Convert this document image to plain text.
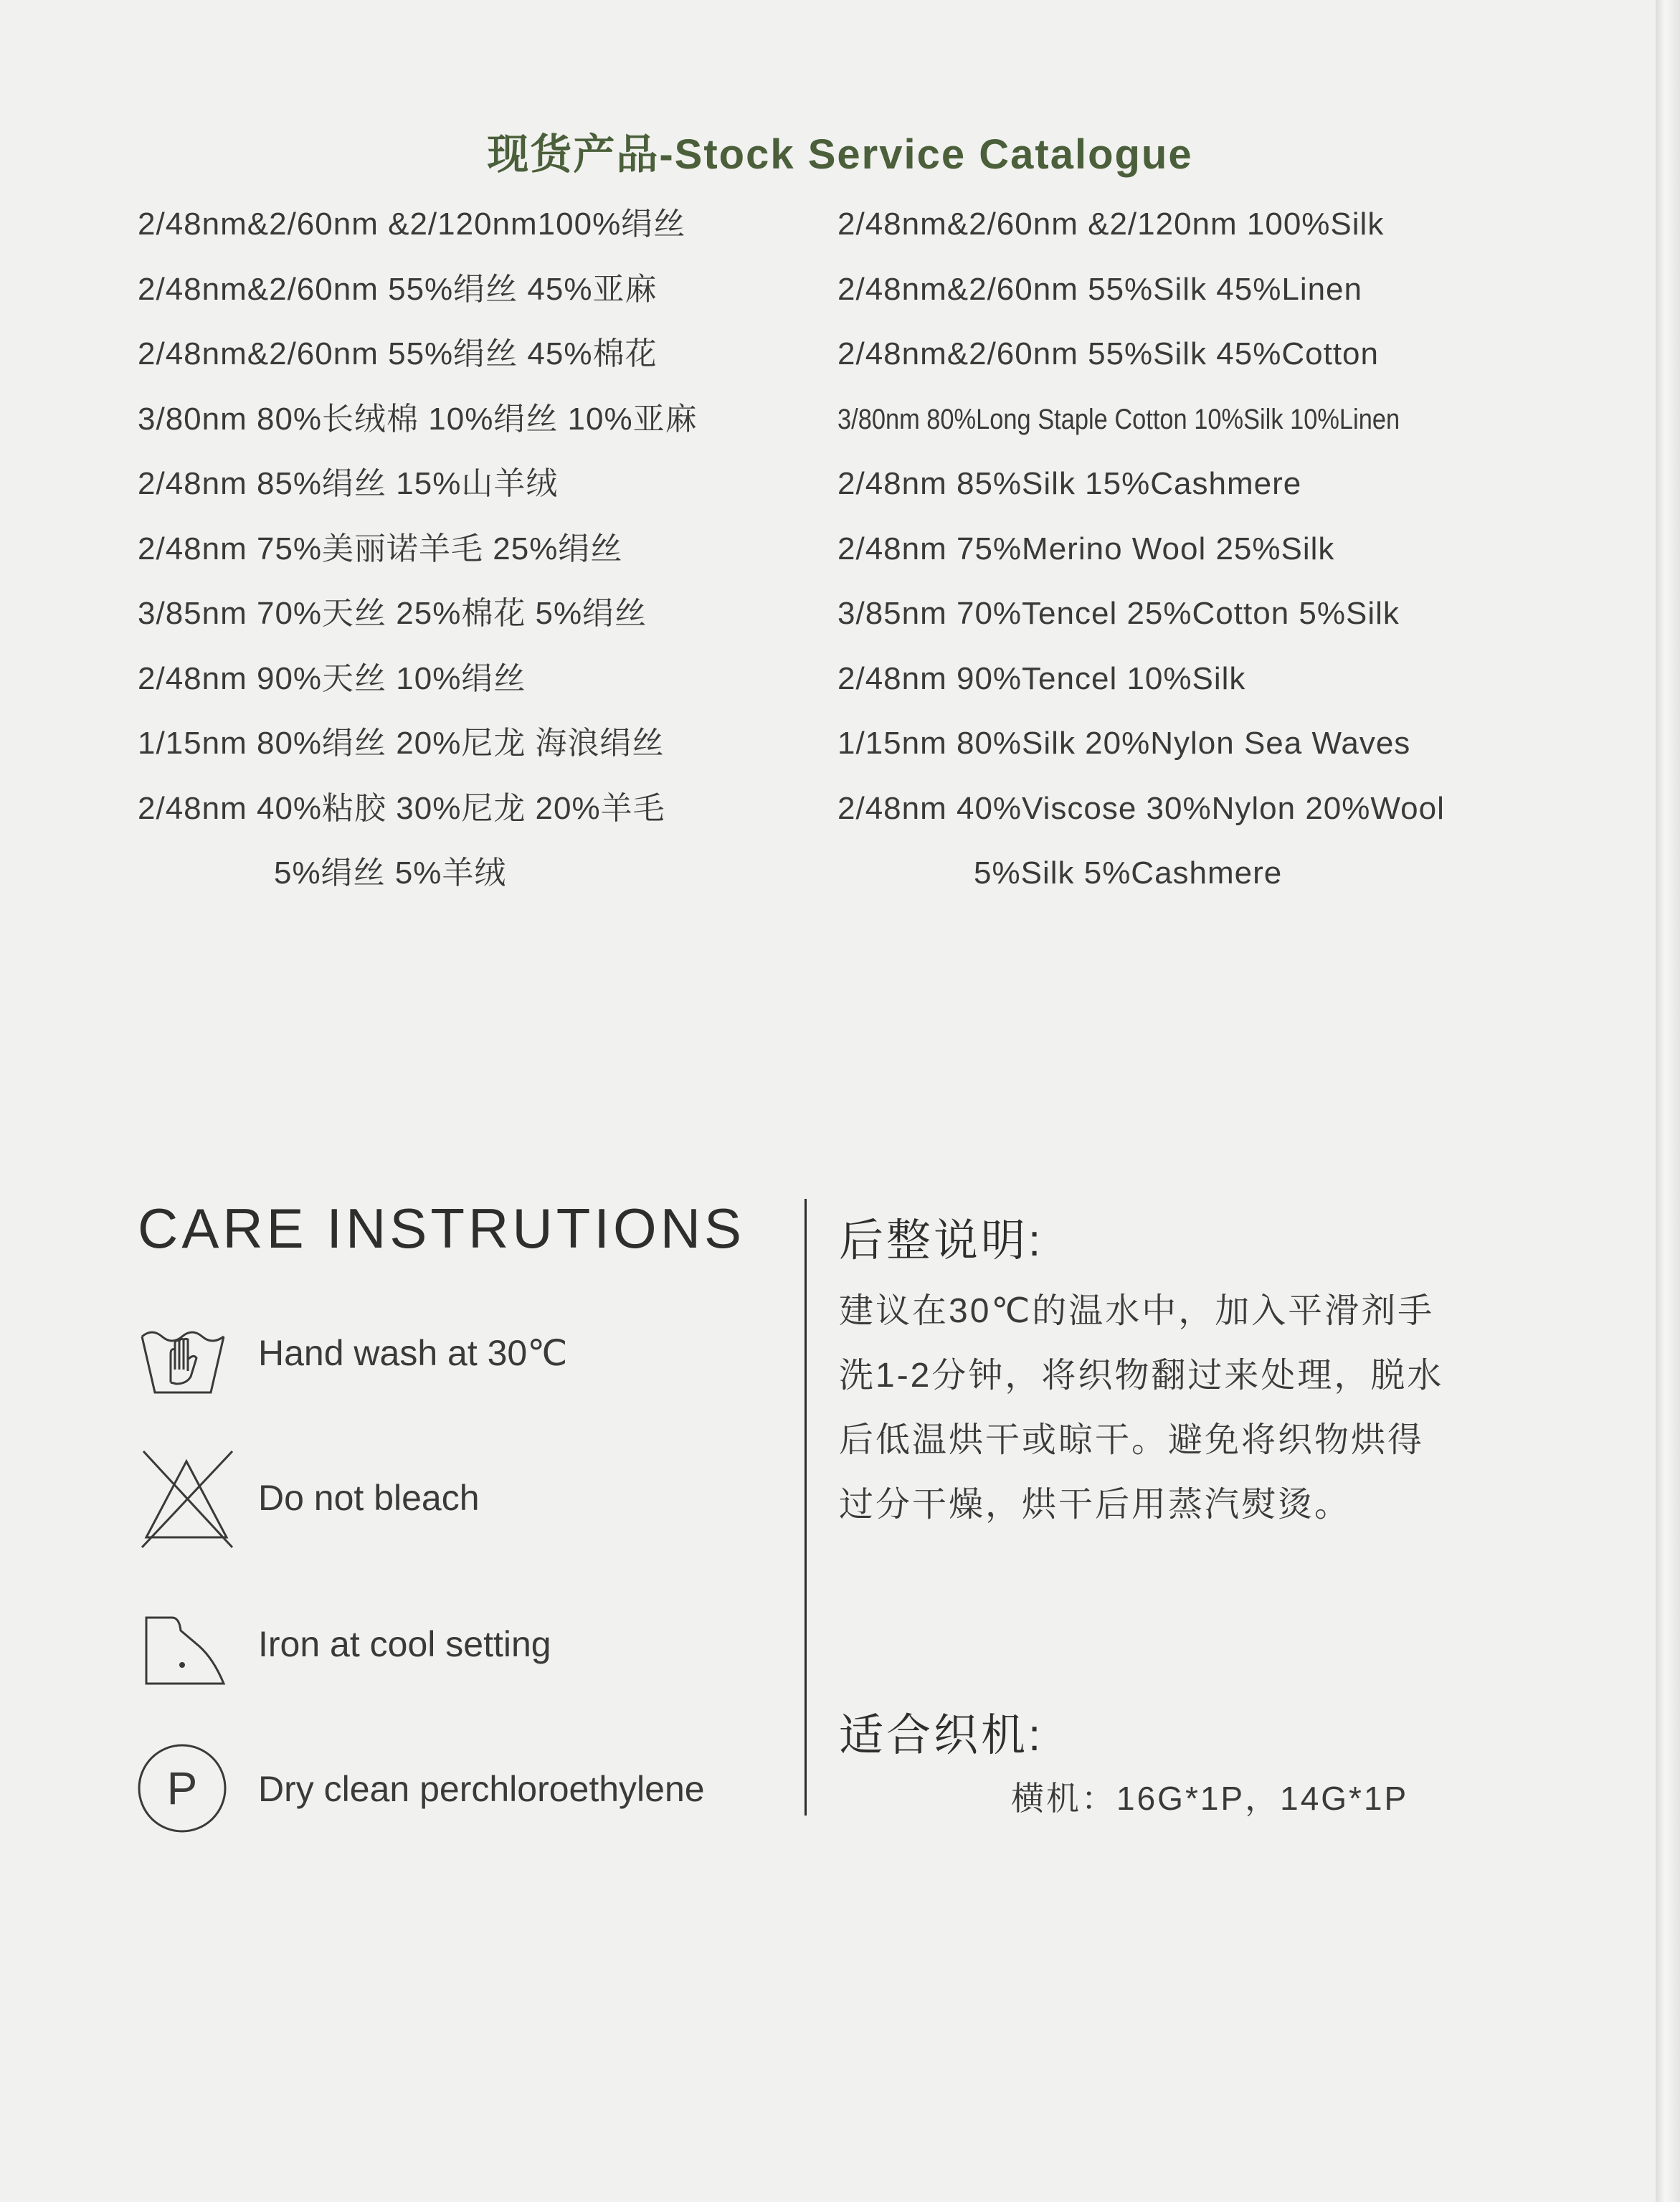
现货产品-Stock Service Catalogue
2/48nm&2/60nm &2/120nm100%绢丝
2/48nm&2/60nm 55%绢丝 45%亚麻
2/48nm&2/60nm 55%绢丝 45%棉花
3/80nm 80%长绒棉 10%绢丝 10%亚麻
2/48nm 85%绢丝 15%山羊绒
2/48nm 75%美丽诺羊毛 25%绢丝
3/85nm 70%天丝 25%棉花 5%绢丝
2/48nm 90%天丝 10%绢丝
1/15nm 80%绢丝 20%尼龙 海浪绢丝
2/48nm 40%粘胶 30%尼龙 20%羊毛
5%绢丝 5%羊绒
2/48nm&2/60nm &2/120nm 100%Silk
2/48nm&2/60nm 55%Silk 45%Linen
2/48nm&2/60nm 55%Silk 45%Cotton
3/80nm 80%Long Staple Cotton 10%Silk 10%Linen
2/48nm 85%Silk 15%Cashmere
2/48nm 75%Merino Wool 25%Silk
3/85nm 70%Tencel 25%Cotton 5%Silk
2/48nm 90%Tencel 10%Silk
1/15nm 80%Silk 20%Nylon Sea Waves
2/48nm 40%Viscose 30%Nylon 20%Wool
5%Silk 5%Cashmere
CARE INSTRUTIONS
Hand wash at 30℃
Do not bleach
Iron at cool setting
P Dry clean perchloroethylene
后整说明:
建议在30℃的温水中，加入平滑剂手
洗1-2分钟，将织物翻过来处理，脱水
后低温烘干或晾干。避免将织物烘得
过分干燥，烘干后用蒸汽熨烫。
适合织机:
横机：16G*1P，14G*1P
